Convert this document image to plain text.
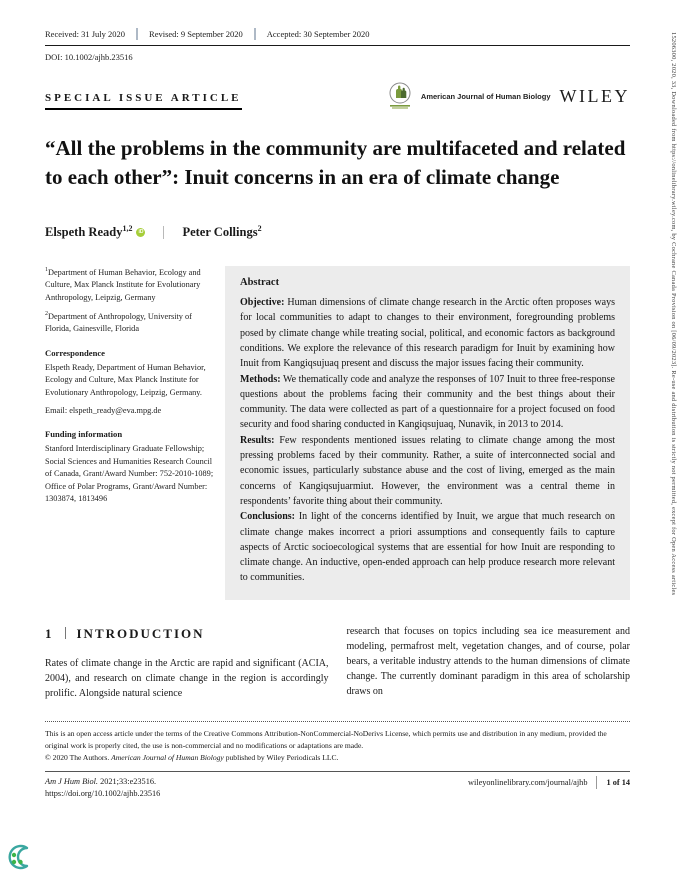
Received: 31 July 2020	Revised: 9 September 2020	Accepted: 30 September 2020
DOI: 10.1002/ajhb.23516
SPECIAL ISSUE ARTICLE	American Journal of Human Biology WILEY
“All the problems in the community are multifaceted and related to each other”: Inuit concerns in an era of climate change
Elspeth Ready$^{1,2}$	iD	Peter Collings$^2$

$^1$Department of Human Behavior, Ecology and Culture, Max Planck Institute for Evolutionary Anthropology, Leipzig, Germany

$^2$Department of Anthropology, University of Florida, Gainesville, Florida

Correspondence

Elspeth Ready, Department of Human Behavior, Ecology and Culture, Max Planck Institute for Evolutionary Anthropology, Leipzig, Germany.

Email: elspeth_ready@eva.mpg.de

Funding information

Stanford Interdisciplinary Graduate Fellowship; Social Sciences and Humanities Research Council of Canada, Grant/Award Number: 752-2010-1089; Office of Polar Programs, Grant/Award Number: 1303874, 1813496

Abstract

Objective: Human dimensions of climate change research in the Arctic often proposes ways for local communities to adapt to changes to their environment, foregrounding problems posed by climate change while treating social, political, and economic factors as background conditions. We explore the relevance of this research paradigm for Inuit by examining how Inuit from Kangiqsujuaq present and discuss the major issues facing their community.

Methods: We thematically code and analyze the responses of 107 Inuit to three free-response questions about the problems facing their community and the best things about their community. The data were collected as part of a questionnaire for a project focused on food security and food sharing conducted in Kangiqsujuaq, Nunavik, in 2013 to 2014.

Results: Few respondents mentioned issues relating to climate change among the most pressing problems faced by their community. Rather, a suite of interconnected social and economic issues, particularly substance abuse and the cost of living, emerged as the main concerns of Kangiqsujuarmiut. However, the environment was a central theme in respondents’ favorite thing about their community.

Conclusions: In light of the concerns identified by Inuit, we argue that much research on climate change makes incorrect a priori assumptions and consequently fails to capture aspects of Arctic socioecological systems that are essential for how Inuit are responding to climate change. An inductive, open-ended approach can help produce research more relevant to communities.

1 INTRODUCTION

Rates of climate change in the Arctic are rapid and significant (ACIA, 2004), and research on climate change in the region is accordingly prolific. Alongside natural science

research that focuses on topics including sea ice measurement and modeling, permafrost melt, vegetation changes, and of course, polar bears, a veritable industry attends to the human dimensions of climate change. The currently dominant paradigm in this area of scholarship draws on

This is an open access article under the terms of the Creative Commons Attribution-NonCommercial-NoDerivs License, which permits use and distribution in any medium, provided the original work is properly cited, the use is non-commercial and no modifications or adaptations are made.

© 2020 The Authors. American Journal of Human Biology published by Wiley Periodicals LLC.

Am J Hum Biol. 2021;33:e23516.
https://doi.org/10.1002/ajhb.23516
wileyonlinelibrary.com/journal/ajhb 1 of 14
15206300, 2020, 33, Downloaded from https://onlinelibrary.wiley.com, by Cochrane Canada Provision on [06/09/2023]. Re-use and distribution is strictly not permitted, except for Open Access articles
